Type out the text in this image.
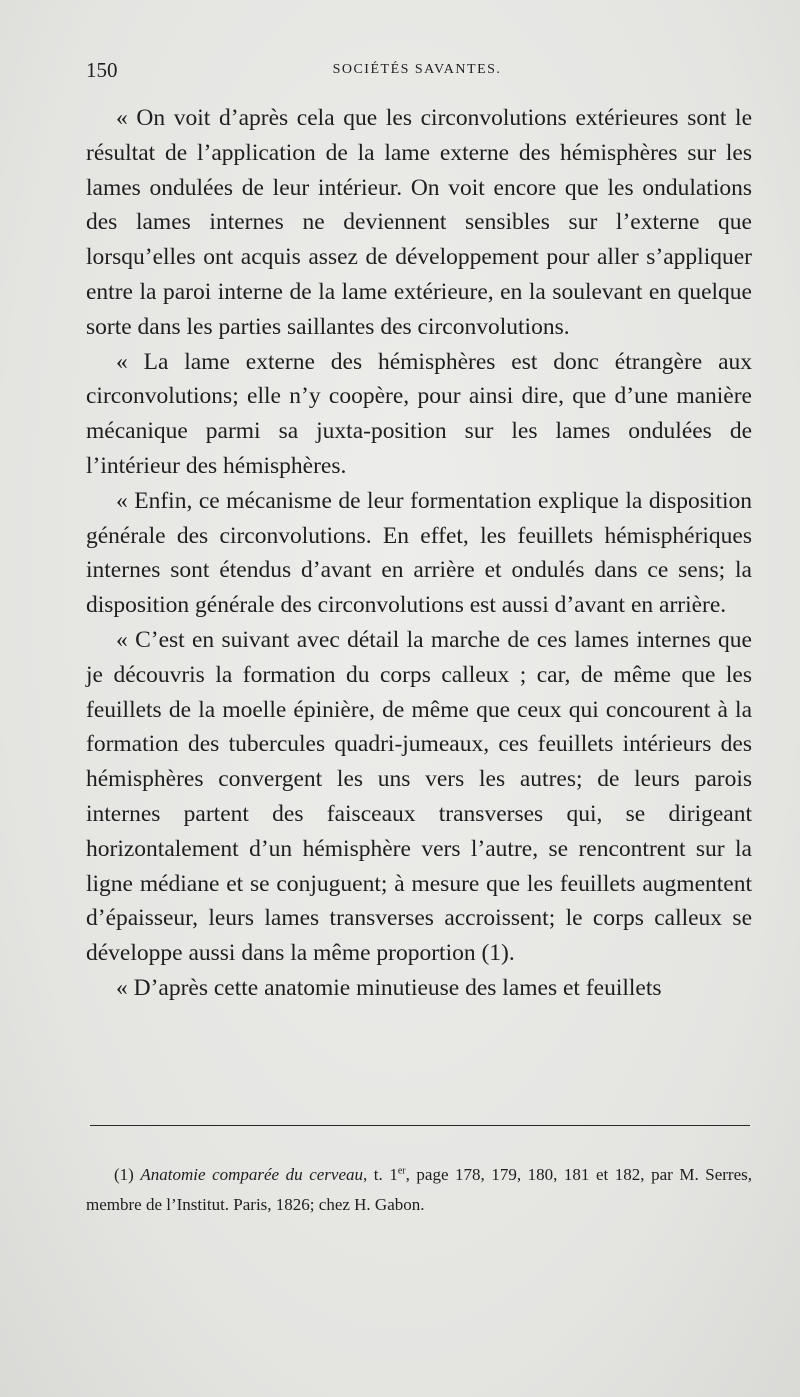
150	SOCIÉTÉS SAVANTES.

« On voit d’après cela que les circonvolutions extérieures sont le résultat de l’application de la lame externe des hémisphères sur les lames ondulées de leur intérieur. On voit encore que les ondulations des lames internes ne deviennent sensibles sur l’externe que lorsqu’elles ont acquis assez de développement pour aller s’appliquer entre la paroi interne de la lame extérieure, en la soulevant en quelque sorte dans les parties saillantes des circonvolutions.

« La lame externe des hémisphères est donc étrangère aux circonvolutions; elle n’y coopère, pour ainsi dire, que d’une manière mécanique parmi sa juxta-position sur les lames ondulées de l’intérieur des hémisphères.

« Enfin, ce mécanisme de leur formentation explique la disposition générale des circonvolutions. En effet, les feuillets hémisphériques internes sont étendus d’avant en arrière et ondulés dans ce sens; la disposition générale des circonvolutions est aussi d’avant en arrière.

« C’est en suivant avec détail la marche de ces lames internes que je découvris la formation du corps calleux ; car, de même que les feuillets de la moelle épinière, de même que ceux qui concourent à la formation des tubercules quadri-jumeaux, ces feuillets intérieurs des hémisphères convergent les uns vers les autres; de leurs parois internes partent des faisceaux transverses qui, se dirigeant horizontalement d’un hémisphère vers l’autre, se rencontrent sur la ligne médiane et se conjuguent; à mesure que les feuillets augmentent d’épaisseur, leurs lames transverses accroissent; le corps calleux se développe aussi dans la même proportion (1).

« D’après cette anatomie minutieuse des lames et feuillets

(1) Anatomie comparée du cerveau, t. 1er, page 178, 179, 180, 181 et 182, par M. Serres, membre de l’Institut. Paris, 1826; chez H. Gabon.
